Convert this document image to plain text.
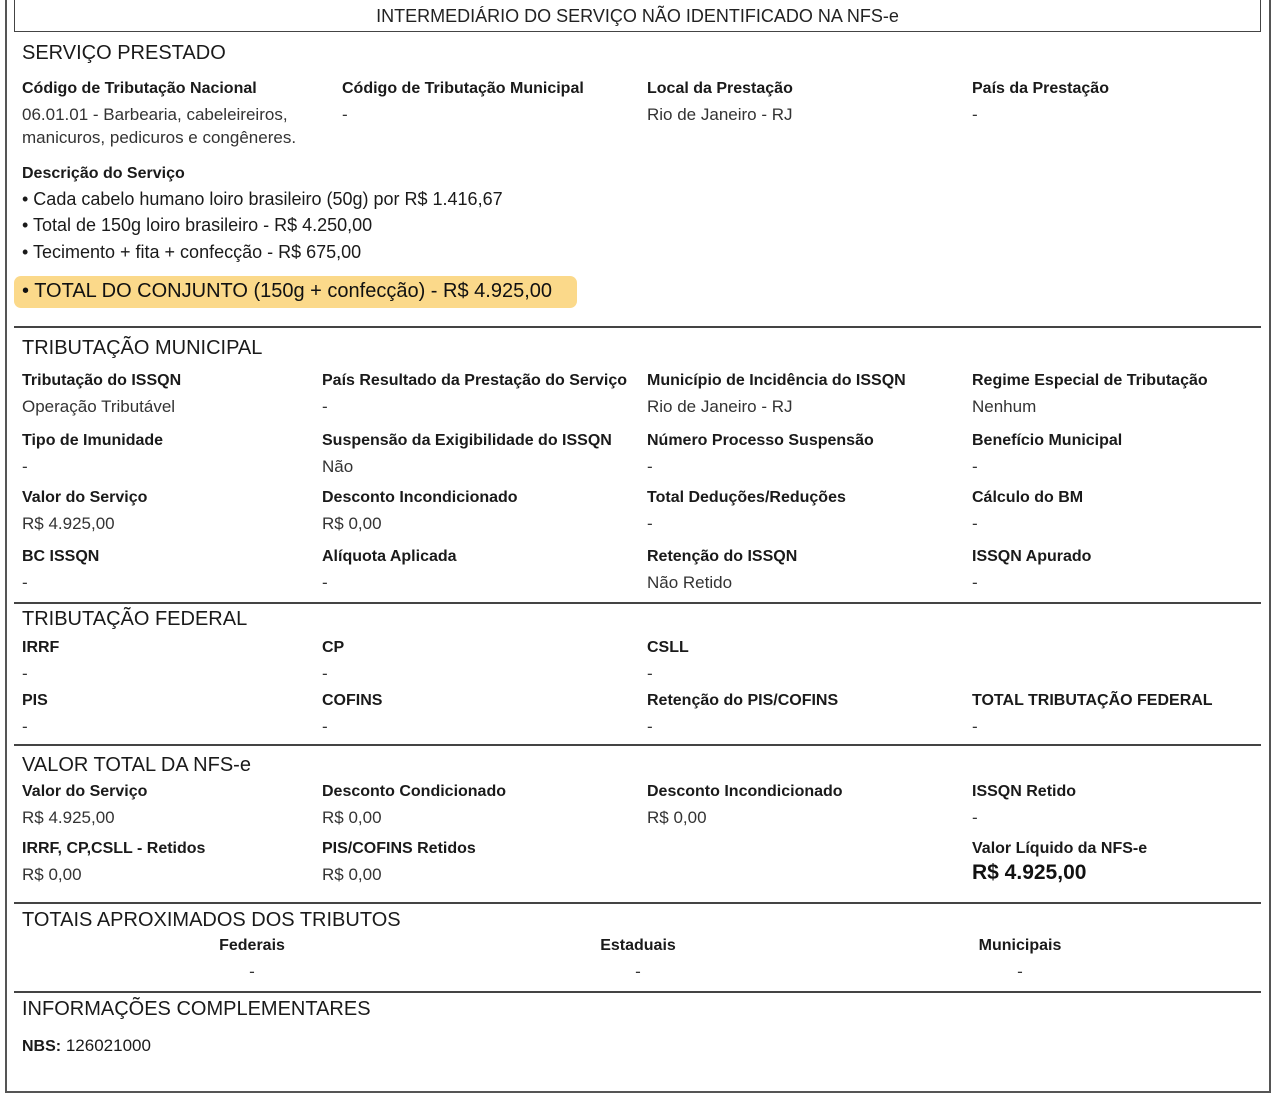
INTERMEDIÁRIO DO SERVIÇO NÃO IDENTIFICADO NA NFS-e
SERVIÇO PRESTADO
Código de Tributação Nacional
06.01.01 - Barbearia, cabeleireiros,
manicuros, pedicuros e congêneres.
Código de Tributação Municipal
-
Local da Prestação
Rio de Janeiro - RJ
País da Prestação
-
Descrição do Serviço
• Cada cabelo humano loiro brasileiro (50g) por R$ 1.416,67
• Total de 150g loiro brasileiro - R$ 4.250,00
• Tecimento + fita + confecção - R$ 675,00
• TOTAL DO CONJUNTO (150g + confecção) - R$ 4.925,00
TRIBUTAÇÃO MUNICIPAL
Tributação do ISSQN
Operação Tributável
País Resultado da Prestação do Serviço
-
Município de Incidência do ISSQN
Rio de Janeiro - RJ
Regime Especial de Tributação
Nenhum
Tipo de Imunidade
-
Suspensão da Exigibilidade do ISSQN
Não
Número Processo Suspensão
-
Benefício Municipal
-
Valor do Serviço
R$ 4.925,00
Desconto Incondicionado
R$ 0,00
Total Deduções/Reduções
-
Cálculo do BM
-
BC ISSQN
-
Alíquota Aplicada
-
Retenção do ISSQN
Não Retido
ISSQN Apurado
-
TRIBUTAÇÃO FEDERAL
IRRF
-
CP
-
CSLL
-
PIS
-
COFINS
-
Retenção do PIS/COFINS
-
TOTAL TRIBUTAÇÃO FEDERAL
-
VALOR TOTAL DA NFS-e
Valor do Serviço
R$ 4.925,00
Desconto Condicionado
R$ 0,00
Desconto Incondicionado
R$ 0,00
ISSQN Retido
-
IRRF, CP,CSLL - Retidos
R$ 0,00
PIS/COFINS Retidos
R$ 0,00
Valor Líquido da NFS-e
R$ 4.925,00
TOTAIS APROXIMADOS DOS TRIBUTOS
Federais
-
Estaduais
-
Municipais
-
INFORMAÇÕES COMPLEMENTARES
NBS: 126021000
